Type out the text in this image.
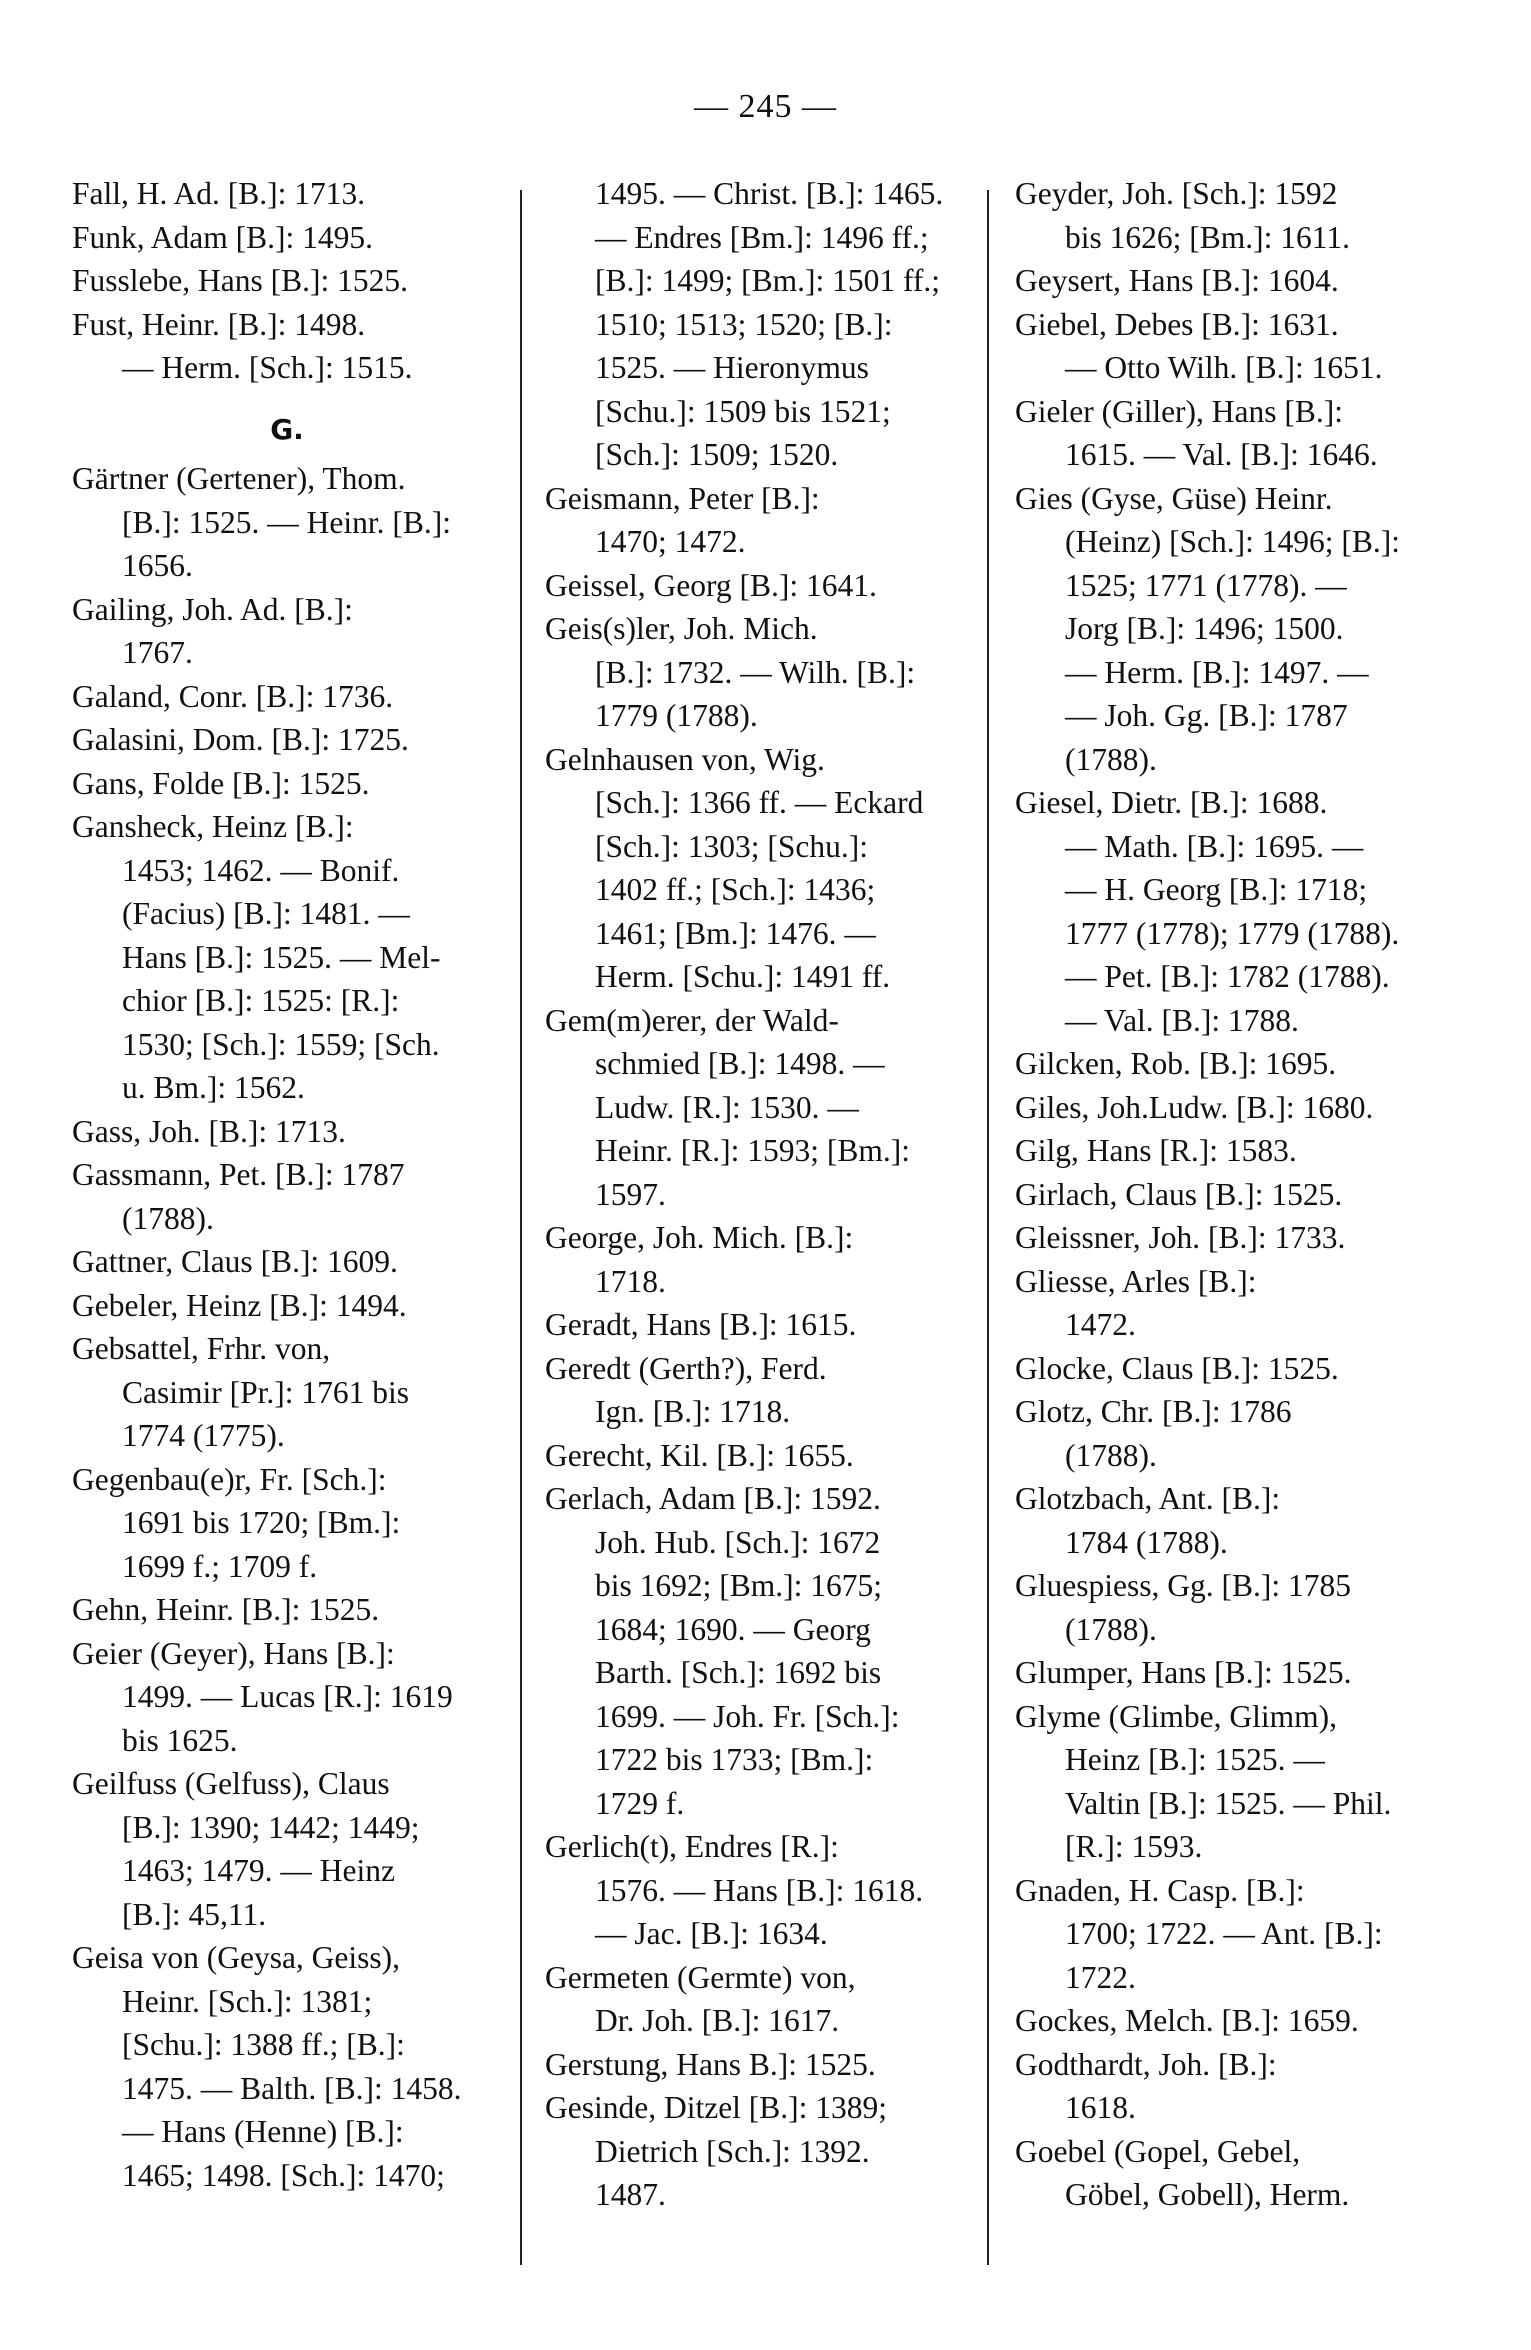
— 245 —
Fall, H. Ad. [B.]: 1713.
Funk, Adam [B.]: 1495.
Fusslebe, Hans [B.]: 1525.
Fust, Heinr. [B.]: 1498.
— Herm. [Sch.]: 1515.
G.
Gärtner (Gertener), Thom.
[B.]: 1525. — Heinr. [B.]:
1656.
Gailing, Joh. Ad. [B.]:
1767.
Galand, Conr. [B.]: 1736.
Galasini, Dom. [B.]: 1725.
Gans, Folde [B.]: 1525.
Gansheck, Heinz [B.]:
1453; 1462. — Bonif.
(Facius) [B.]: 1481. —
Hans [B.]: 1525. — Mel-
chior [B.]: 1525: [R.]:
1530; [Sch.]: 1559; [Sch.
u. Bm.]: 1562.
Gass, Joh. [B.]: 1713.
Gassmann, Pet. [B.]: 1787
(1788).
Gattner, Claus [B.]: 1609.
Gebeler, Heinz [B.]: 1494.
Gebsattel, Frhr. von,
Casimir [Pr.]: 1761 bis
1774 (1775).
Gegenbau(e)r, Fr. [Sch.]:
1691 bis 1720; [Bm.]:
1699 f.; 1709 f.
Gehn, Heinr. [B.]: 1525.
Geier (Geyer), Hans [B.]:
1499. — Lucas [R.]: 1619
bis 1625.
Geilfuss (Gelfuss), Claus
[B.]: 1390; 1442; 1449;
1463; 1479. — Heinz
[B.]: 45,11.
Geisa von (Geysa, Geiss),
Heinr. [Sch.]: 1381;
[Schu.]: 1388 ff.; [B.]:
1475. — Balth. [B.]: 1458.
— Hans (Henne) [B.]:
1465; 1498. [Sch.]: 1470;
1495. — Christ. [B.]: 1465.
— Endres [Bm.]: 1496 ff.;
[B.]: 1499; [Bm.]: 1501 ff.;
1510; 1513; 1520; [B.]:
1525. — Hieronymus
[Schu.]: 1509 bis 1521;
[Sch.]: 1509; 1520.
Geismann, Peter [B.]:
1470; 1472.
Geissel, Georg [B.]: 1641.
Geis(s)ler, Joh. Mich.
[B.]: 1732. — Wilh. [B.]:
1779 (1788).
Gelnhausen von, Wig.
[Sch.]: 1366 ff. — Eckard
[Sch.]: 1303; [Schu.]:
1402 ff.; [Sch.]: 1436;
1461; [Bm.]: 1476. —
Herm. [Schu.]: 1491 ff.
Gem(m)erer, der Wald-
schmied [B.]: 1498. —
Ludw. [R.]: 1530. —
Heinr. [R.]: 1593; [Bm.]:
1597.
George, Joh. Mich. [B.]:
1718.
Geradt, Hans [B.]: 1615.
Geredt (Gerth?), Ferd.
Ign. [B.]: 1718.
Gerecht, Kil. [B.]: 1655.
Gerlach, Adam [B.]: 1592.
Joh. Hub. [Sch.]: 1672
bis 1692; [Bm.]: 1675;
1684; 1690. — Georg
Barth. [Sch.]: 1692 bis
1699. — Joh. Fr. [Sch.]:
1722 bis 1733; [Bm.]:
1729 f.
Gerlich(t), Endres [R.]:
1576. — Hans [B.]: 1618.
— Jac. [B.]: 1634.
Germeten (Germte) von,
Dr. Joh. [B.]: 1617.
Gerstung, Hans B.]: 1525.
Gesinde, Ditzel [B.]: 1389;
Dietrich [Sch.]: 1392.
1487.
Geyder, Joh. [Sch.]: 1592
bis 1626; [Bm.]: 1611.
Geysert, Hans [B.]: 1604.
Giebel, Debes [B.]: 1631.
— Otto Wilh. [B.]: 1651.
Gieler (Giller), Hans [B.]:
1615. — Val. [B.]: 1646.
Gies (Gyse, Güse) Heinr.
(Heinz) [Sch.]: 1496; [B.]:
1525; 1771 (1778). —
Jorg [B.]: 1496; 1500.
— Herm. [B.]: 1497. —
— Joh. Gg. [B.]: 1787
(1788).
Giesel, Dietr. [B.]: 1688.
— Math. [B.]: 1695. —
— H. Georg [B.]: 1718;
1777 (1778); 1779 (1788).
— Pet. [B.]: 1782 (1788).
— Val. [B.]: 1788.
Gilcken, Rob. [B.]: 1695.
Giles, Joh.Ludw. [B.]: 1680.
Gilg, Hans [R.]: 1583.
Girlach, Claus [B.]: 1525.
Gleissner, Joh. [B.]: 1733.
Gliesse, Arles [B.]:
1472.
Glocke, Claus [B.]: 1525.
Glotz, Chr. [B.]: 1786
(1788).
Glotzbach, Ant. [B.]:
1784 (1788).
Gluespiess, Gg. [B.]: 1785
(1788).
Glumper, Hans [B.]: 1525.
Glyme (Glimbe, Glimm),
Heinz [B.]: 1525. —
Valtin [B.]: 1525. — Phil.
[R.]: 1593.
Gnaden, H. Casp. [B.]:
1700; 1722. — Ant. [B.]:
1722.
Gockes, Melch. [B.]: 1659.
Godthardt, Joh. [B.]:
1618.
Goebel (Gopel, Gebel,
Göbel, Gobell), Herm.
